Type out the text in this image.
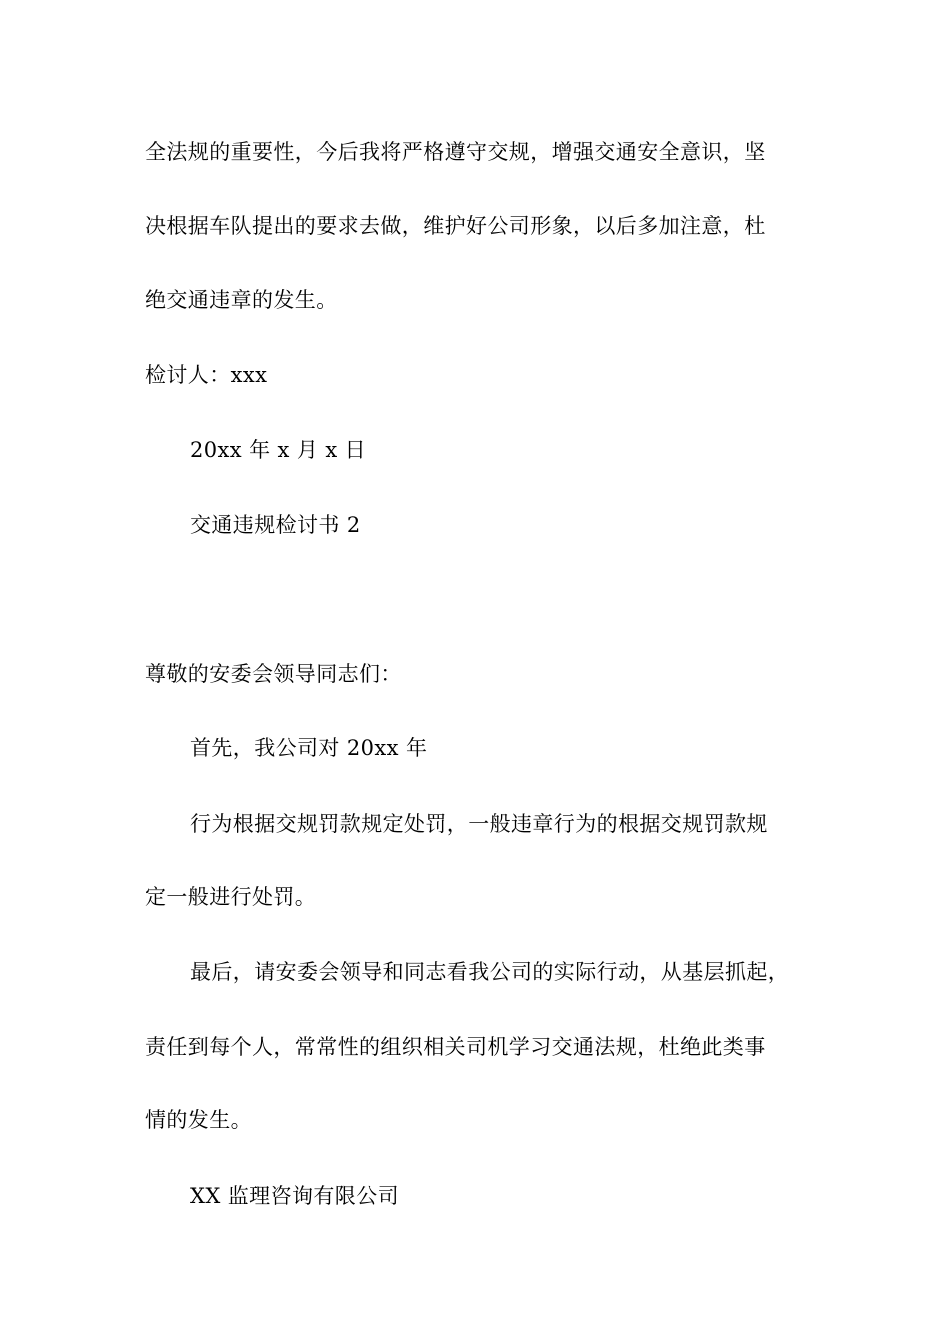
全法规的重要性，今后我将严格遵守交规，增强交通安全意识，坚
决根据车队提出的要求去做，维护好公司形象，以后多加注意，杜
绝交通违章的发生。
检讨人：xxx
20xx 年 x 月 x 日
交通违规检讨书 2
尊敬的安委会领导同志们：
首先，我公司对 20xx 年
行为根据交规罚款规定处罚，一般违章行为的根据交规罚款规
定一般进行处罚。
最后，请安委会领导和同志看我公司的实际行动，从基层抓起，
责任到每个人，常常性的组织相关司机学习交通法规，杜绝此类事
情的发生。
XX 监理咨询有限公司
